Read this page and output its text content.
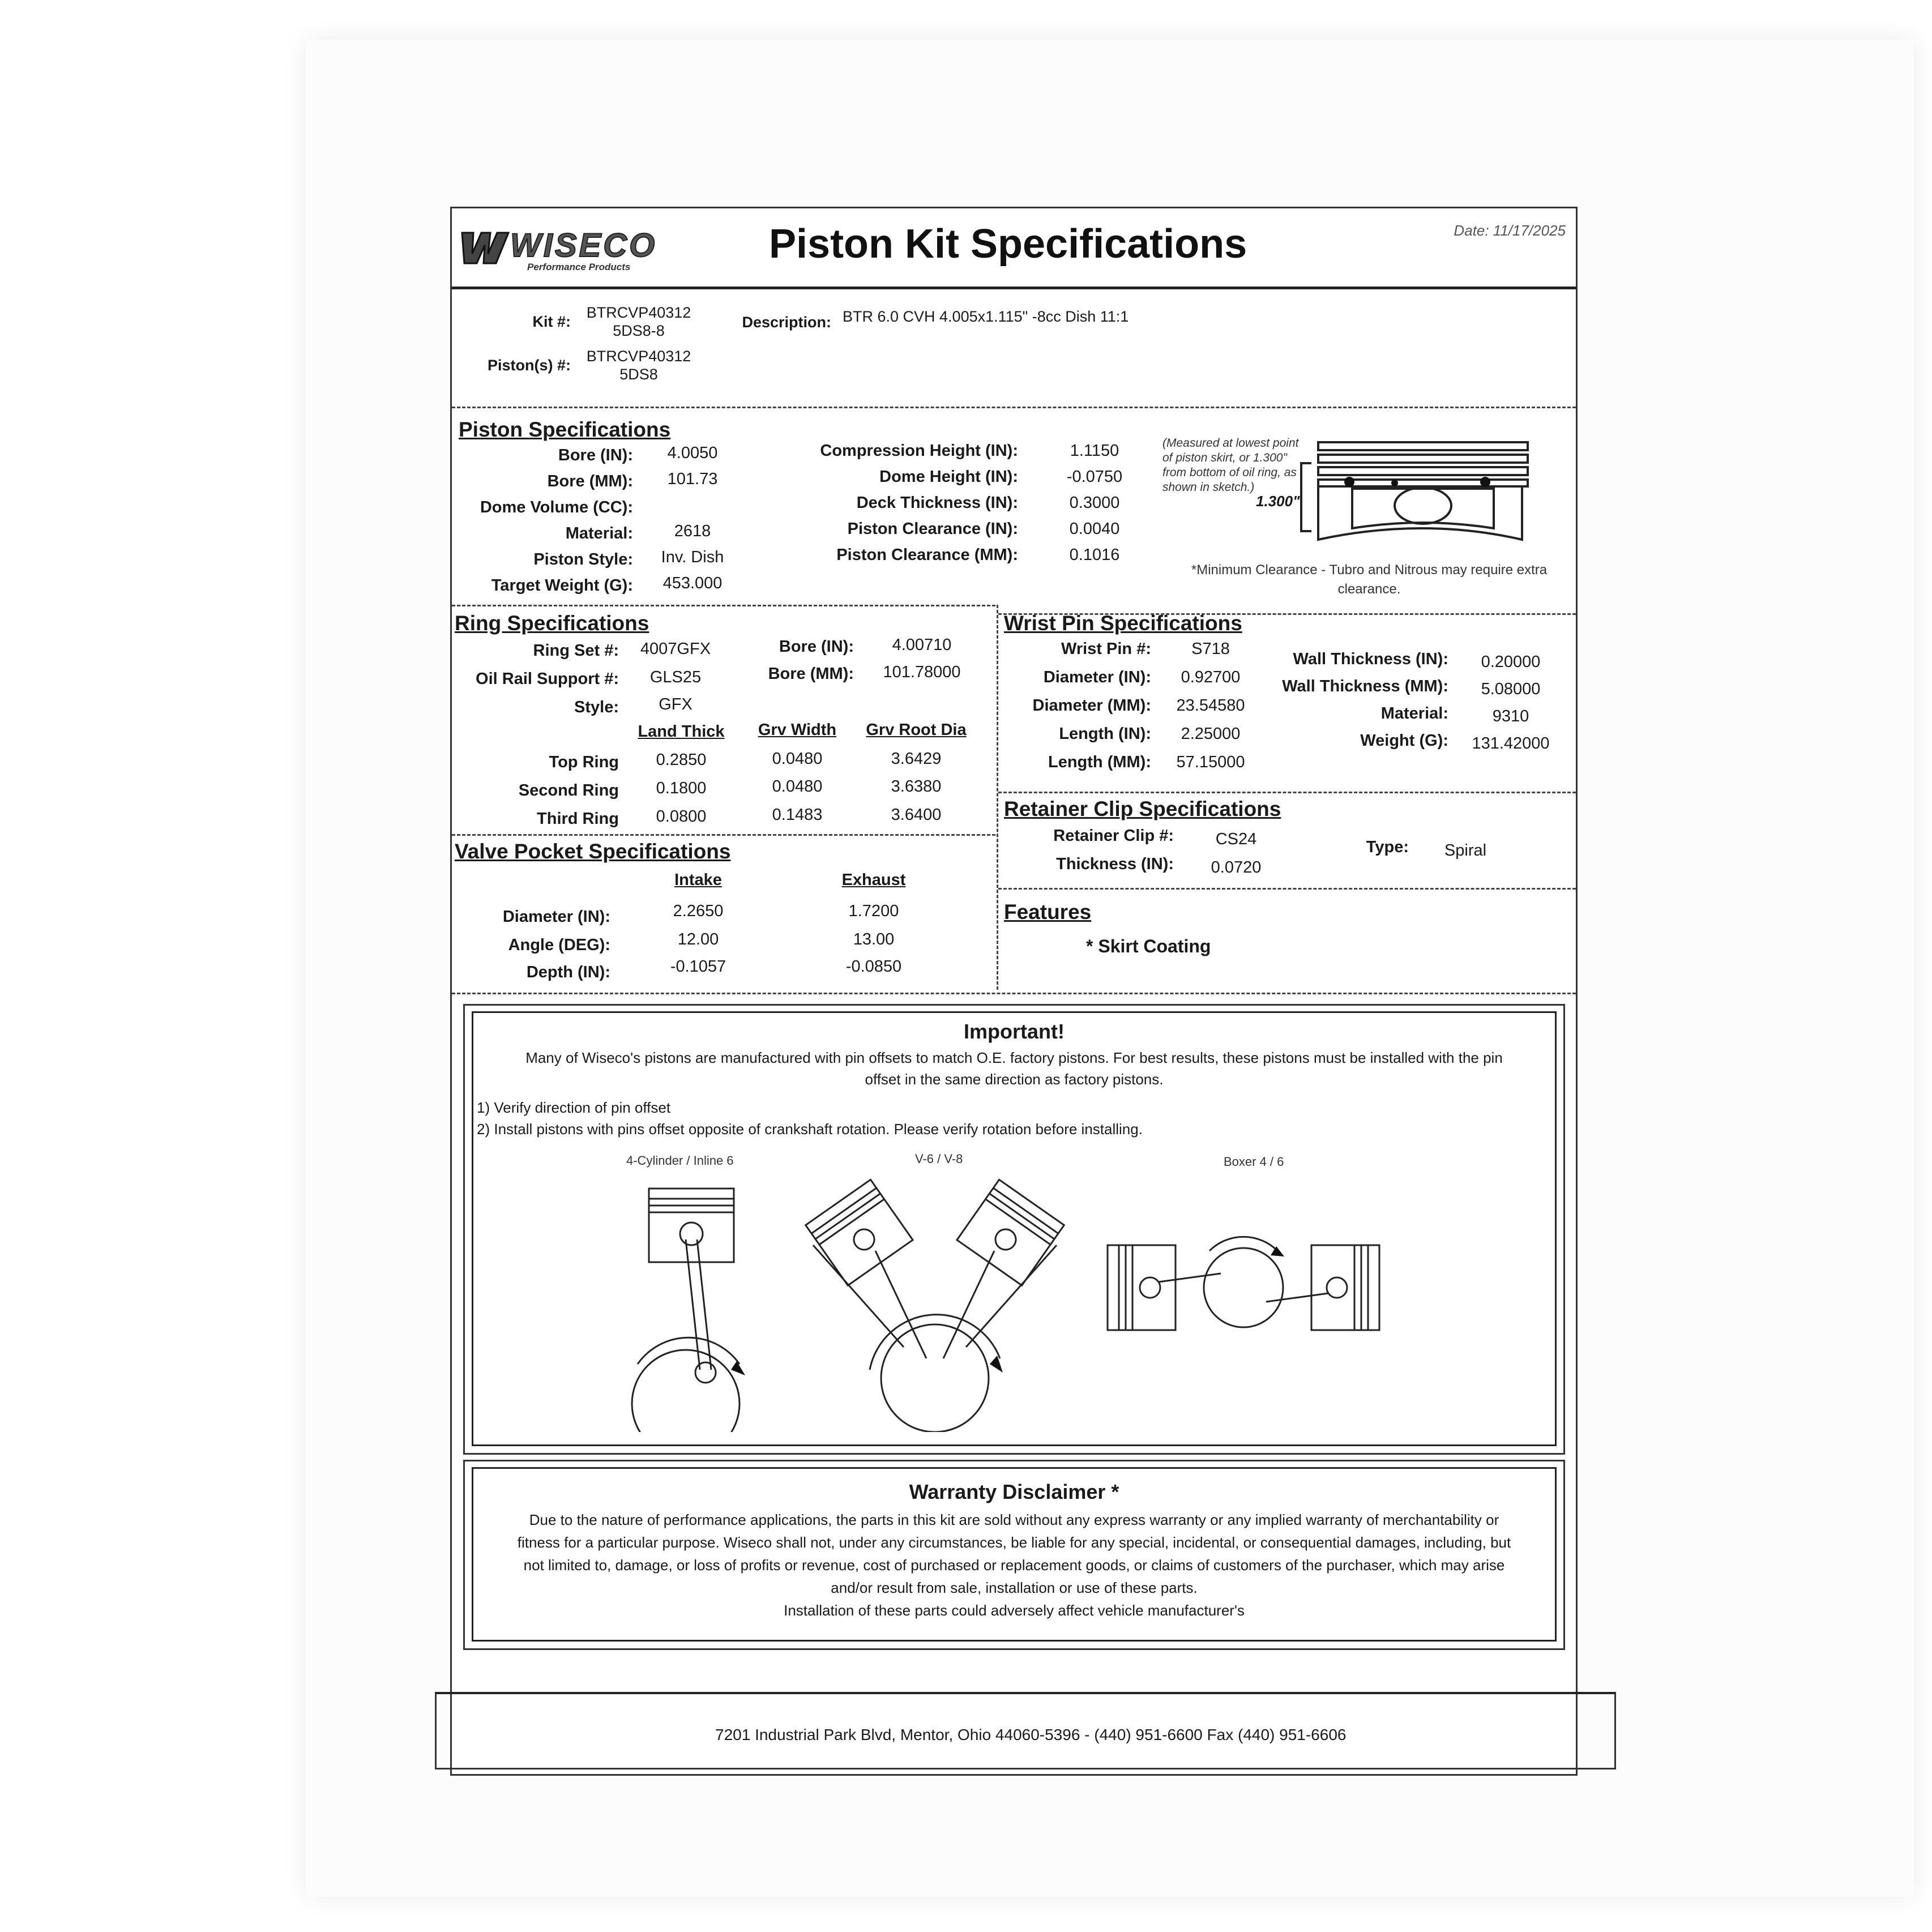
WISECO
Performance Products
Piston Kit Specifications	Date: 11/17/2025
Kit #:
BTRCVP40312
5DS8-8
Piston(s) #:
BTRCVP40312
5DS8
Description: BTR 6.0 CVH 4.005x1.115" -8cc Dish 11:1
Piston Specifications
Bore (IN):	4.0050
Bore (MM):	101.73
Dome Volume (CC):
Material:	2618
Piston Style:	Inv. Dish
Target Weight (G):	453.000
Compression Height (IN):	1.1150
Dome Height (IN):	-0.0750
Deck Thickness (IN):	0.3000
Piston Clearance (IN):	0.0040
Piston Clearance (MM):	0.1016
(Measured at lowest point
of piston skirt, or 1.300"
from bottom of oil ring, as
shown in sketch.)
1.300"
*Minimum Clearance - Tubro and Nitrous may require extra
clearance.
Ring Specifications
Ring Set #:	4007GFX
Oil Rail Support #:	GLS25
Style:	GFX
Bore (IN):	4.00710
Bore (MM):	101.78000
Land Thick	Grv Width	Grv Root Dia
Top Ring	0.2850	0.0480	3.6429
Second Ring	0.1800	0.0480	3.6380
Third Ring	0.0800	0.1483	3.6400
Valve Pocket Specifications
Intake	Exhaust
Diameter (IN):	2.2650	1.7200
Angle (DEG):	12.00	13.00
Depth (IN):	-0.1057	-0.0850
Wrist Pin Specifications
Wrist Pin #:	S718
Diameter (IN):	0.92700
Diameter (MM):	23.54580
Length (IN):	2.25000
Length (MM):	57.15000
Wall Thickness (IN):	0.20000
Wall Thickness (MM):	5.08000
Material:	9310
Weight (G):	131.42000
Retainer Clip Specifications
Retainer Clip #:	CS24
Thickness (IN):	0.0720
Type:	Spiral
Features
* Skirt Coating
Important!
Many of Wiseco's pistons are manufactured with pin offsets to match O.E. factory pistons. For best results, these pistons must be installed with the pin
offset in the same direction as factory pistons.
1) Verify direction of pin offset
2) Install pistons with pins offset opposite of crankshaft rotation. Please verify rotation before installing.
4-Cylinder / Inline 6	V-6 / V-8	Boxer 4 / 6
Warranty Disclaimer *
Due to the nature of performance applications, the parts in this kit are sold without any express warranty or any implied warranty of merchantability or
fitness for a particular purpose. Wiseco shall not, under any circumstances, be liable for any special, incidental, or consequential damages, including, but
not limited to, damage, or loss of profits or revenue, cost of purchased or replacement goods, or claims of customers of the purchaser, which may arise
and/or result from sale, installation or use of these parts.
Installation of these parts could adversely affect vehicle manufacturer's
7201 Industrial Park Blvd, Mentor, Ohio 44060-5396 - (440) 951-6600 Fax (440) 951-6606
